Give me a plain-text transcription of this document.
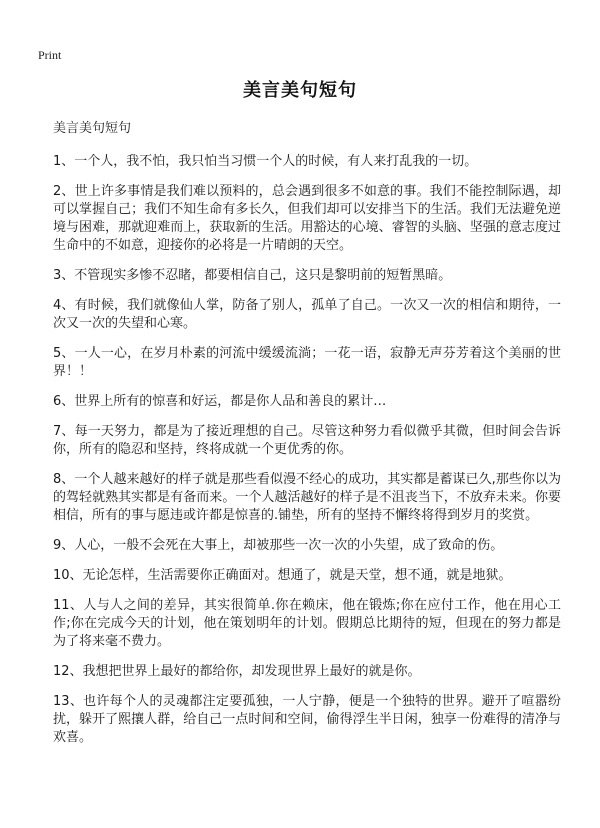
Print
美言美句短句

美言美句短句

1、一个人，我不怕，我只怕当习惯一个人的时候，有人来打乱我的一切。

2、世上许多事情是我们难以预料的，总会遇到很多不如意的事。我们不能控制际遇，却可以掌握自己；我们不知生命有多长久，但我们却可以安排当下的生活。我们无法避免逆境与困难，那就迎难而上，获取新的生活。用豁达的心境、睿智的头脑、坚强的意志度过生命中的不如意，迎接你的必将是一片晴朗的天空。

3、不管现实多惨不忍睹，都要相信自己，这只是黎明前的短暂黑暗。

4、有时候，我们就像仙人掌，防备了别人，孤单了自己。一次又一次的相信和期待，一次又一次的失望和心寒。

5、一人一心，在岁月朴素的河流中缓缓流淌；一花一语，寂静无声芬芳着这个美丽的世界！！

6、世界上所有的惊喜和好运，都是你人品和善良的累计…

7、每一天努力，都是为了接近理想的自己。尽管这种努力看似微乎其微，但时间会告诉你，所有的隐忍和坚持，终将成就一个更优秀的你。

8、一个人越来越好的样子就是那些看似漫不经心的成功，其实都是蓄谋已久,那些你以为的驾轻就熟其实都是有备而来。一个人越活越好的样子是不沮丧当下，不放弃未来。你要相信，所有的事与愿违或许都是惊喜的.铺垫，所有的坚持不懈终将得到岁月的奖赏。

9、人心，一般不会死在大事上，却被那些一次一次的小失望，成了致命的伤。

10、无论怎样，生活需要你正确面对。想通了，就是天堂，想不通，就是地狱。

11、人与人之间的差异，其实很简单.你在赖床，他在锻炼;你在应付工作，他在用心工作;你在完成今天的计划，他在策划明年的计划。假期总比期待的短，但现在的努力都是为了将来毫不费力。

12、我想把世界上最好的都给你，却发现世界上最好的就是你。

13、也许每个人的灵魂都注定要孤独，一人宁静，便是一个独特的世界。避开了喧嚣纷扰，躲开了熙攘人群，给自己一点时间和空间，偷得浮生半日闲，独享一份难得的清净与欢喜。
